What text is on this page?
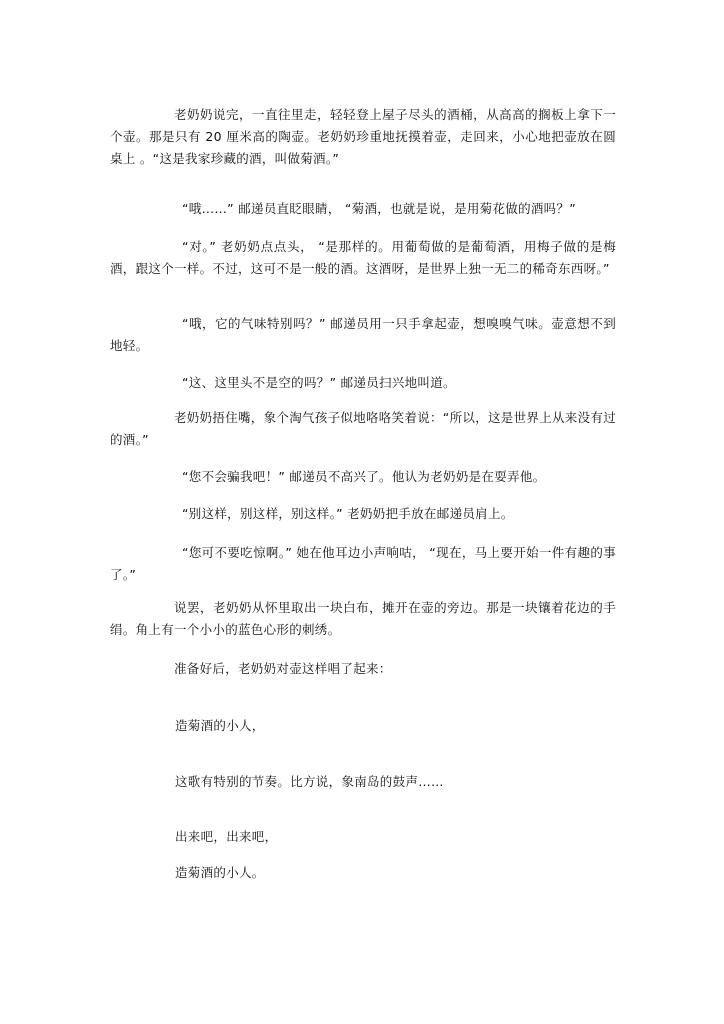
老奶奶说完，一直往里走，轻轻登上屋子尽头的酒桶，从高高的搁板上拿下一个壶。那是只有 20 厘米高的陶壶。老奶奶珍重地抚摸着壶，走回来，小心地把壶放在圆桌上 。“这是我家珍藏的酒，叫做菊酒。”

“哦……” 邮递员直眨眼睛， “菊酒，也就是说，是用菊花做的酒吗？”

“对。” 老奶奶点点头， “是那样的。用葡萄做的是葡萄酒，用梅子做的是梅酒，跟这个一样。不过，这可不是一般的酒。这酒呀，是世界上独一无二的稀奇东西呀。”

“哦，它的气味特别吗？” 邮递员用一只手拿起壶，想嗅嗅气味。壶意想不到地轻。

“这、这里头不是空的吗？” 邮递员扫兴地叫道。

老奶奶捂住嘴，象个淘气孩子似地咯咯笑着说：“所以，这是世界上从来没有过的酒。”

“您不会骗我吧！” 邮递员不高兴了。他认为老奶奶是在耍弄他。

“别这样，别这样，别这样。” 老奶奶把手放在邮递员肩上。

“您可不要吃惊啊。” 她在他耳边小声响咕， “现在，马上要开始一件有趣的事了。”

说罢，老奶奶从怀里取出一块白布，摊开在壶的旁边。那是一块镶着花边的手绢。角上有一个小小的蓝色心形的刺绣。

准备好后，老奶奶对壶这样唱了起来：

造菊酒的小人，

这歌有特别的节奏。比方说，象南岛的鼓声……

出来吧，出来吧，

造菊酒的小人。
